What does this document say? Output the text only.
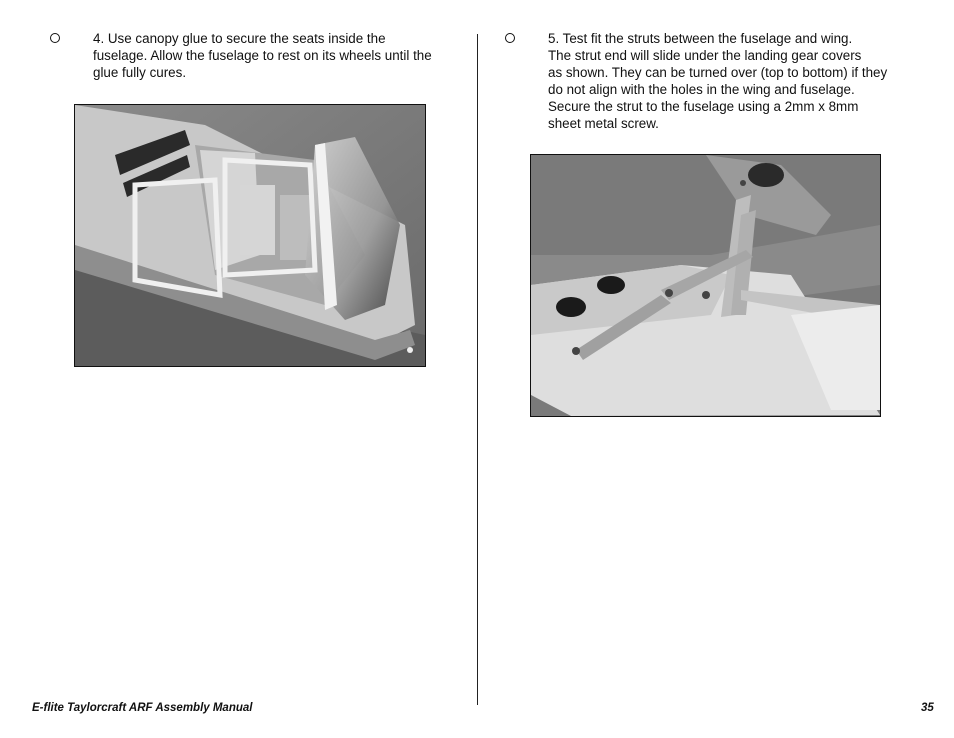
4. Use canopy glue to secure the seats inside the
fuselage. Allow the fuselage to rest on its wheels until the
glue fully cures.
5. Test fit the struts between the fuselage and wing.
The strut end will slide under the landing gear covers
as shown. They can be turned over (top to bottom) if they
do not align with the holes in the wing and fuselage.
Secure the strut to the fuselage using a 2mm x 8mm
sheet metal screw.
E-flite Taylorcraft ARF Assembly Manual	35
